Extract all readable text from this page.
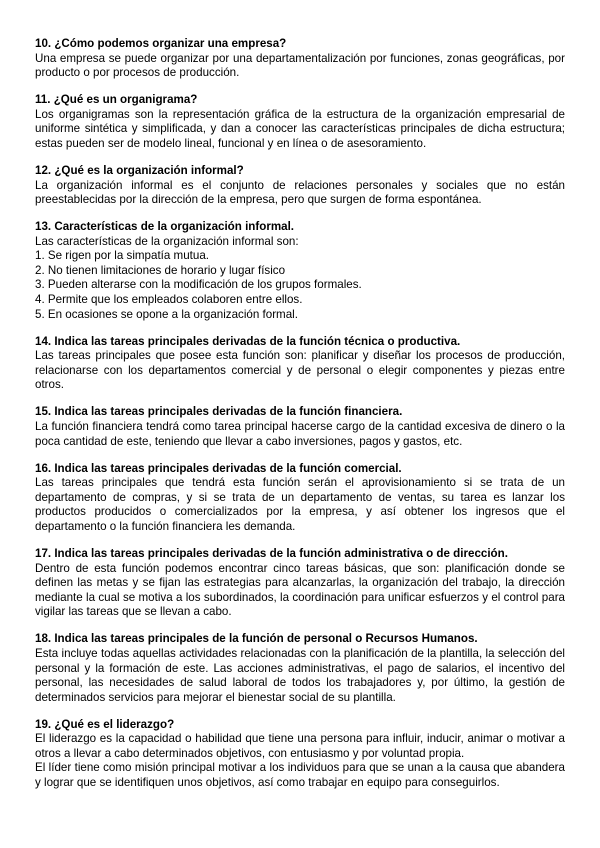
10. ¿Cómo podemos organizar una empresa?

Una empresa se puede organizar por una departamentalización por funciones, zonas geográficas, por producto o por procesos de producción.

11. ¿Qué es un organigrama?

Los organigramas son la representación gráfica de la estructura de la organización empresarial de uniforme sintética y simplificada, y dan a conocer las características principales de dicha estructura; estas pueden ser de modelo lineal, funcional y en línea o de asesoramiento.

12. ¿Qué es la organización informal?

La organización informal es el conjunto de relaciones personales y sociales que no están preestablecidas por la dirección de la empresa, pero que surgen de forma espontánea.

13. Características de la organización informal.

Las características de la organización informal son:

1. Se rigen por la simpatía mutua.
2. No tienen limitaciones de horario y lugar físico
3. Pueden alterarse con la modificación de los grupos formales.
4. Permite que los empleados colaboren entre ellos.
5. En ocasiones se opone a la organización formal.

14. Indica las tareas principales derivadas de la función técnica o productiva.

Las tareas principales que posee esta función son: planificar y diseñar los procesos de producción, relacionarse con los departamentos comercial y de personal o elegir componentes y piezas entre otros.

15. Indica las tareas principales derivadas de la función financiera.

La función financiera tendrá como tarea principal hacerse cargo de la cantidad excesiva de dinero o la poca cantidad de este, teniendo que llevar a cabo inversiones, pagos y gastos, etc.

16. Indica las tareas principales derivadas de la función comercial.

Las tareas principales que tendrá esta función serán el aprovisionamiento si se trata de un departamento de compras, y si se trata de un departamento de ventas, su tarea es lanzar los productos producidos o comercializados por la empresa, y así obtener los ingresos que el departamento o la función financiera les demanda.

17. Indica las tareas principales derivadas de la función administrativa o de dirección.

Dentro de esta función podemos encontrar cinco tareas básicas, que son: planificación donde se definen las metas y se fijan las estrategias para alcanzarlas, la organización del trabajo, la dirección mediante la cual se motiva a los subordinados, la coordinación para unificar esfuerzos y el control para vigilar las tareas que se llevan a cabo.

18. Indica las tareas principales de la función de personal o Recursos Humanos.

Esta incluye todas aquellas actividades relacionadas con la planificación de la plantilla, la selección del personal y la formación de este. Las acciones administrativas, el pago de salarios, el incentivo del personal, las necesidades de salud laboral de todos los trabajadores y, por último, la gestión de determinados servicios para mejorar el bienestar social de su plantilla.

19. ¿Qué es el liderazgo?

El liderazgo es la capacidad o habilidad que tiene una persona para influir, inducir, animar o motivar a otros a llevar a cabo determinados objetivos, con entusiasmo y por voluntad propia.

El líder tiene como misión principal motivar a los individuos para que se unan a la causa que abandera y lograr que se identifiquen unos objetivos, así como trabajar en equipo para conseguirlos.
